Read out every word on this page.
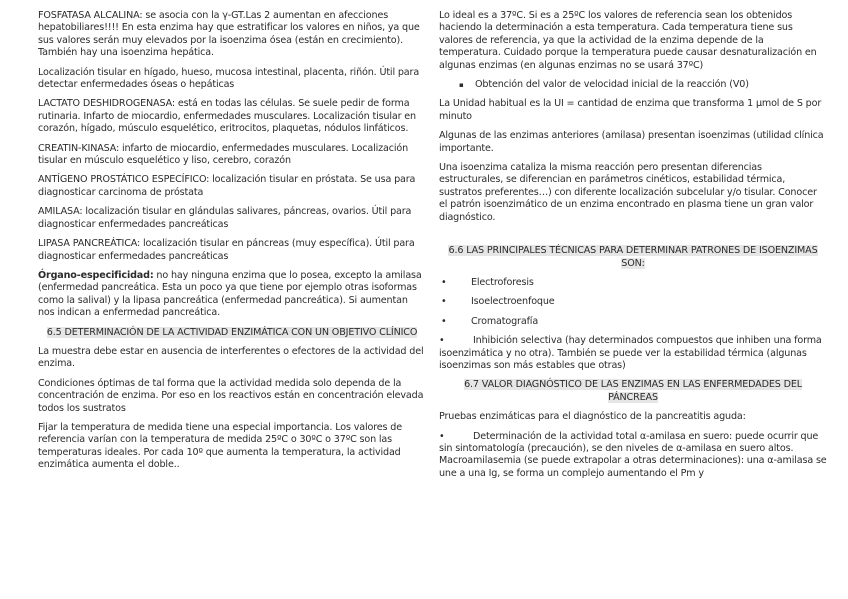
FOSFATASA ALCALINA: se asocia con la γ-GT.Las 2 aumentan en afecciones hepatobiliares!!!! En esta enzima hay que estratificar los valores en niños, ya que sus valores serán muy elevados por la isoenzima ósea (están en crecimiento). También hay una isoenzima hepática.

Localización tisular en hígado, hueso, mucosa intestinal, placenta, riñón. Útil para detectar enfermedades óseas o hepáticas

LACTATO DESHIDROGENASA: está en todas las células. Se suele pedir de forma rutinaria. Infarto de miocardio, enfermedades musculares. Localización tisular en corazón, hígado, músculo esquelético, eritrocitos, plaquetas, nódulos linfáticos.

CREATIN-KINASA: infarto de miocardio, enfermedades musculares. Localización tisular en músculo esquelético y liso, cerebro, corazón

ANTÍGENO PROSTÁTICO ESPECÍFICO: localización tisular en próstata. Se usa para diagnosticar carcinoma de próstata

AMILASA: localización tisular en glándulas salivares, páncreas, ovarios. Útil para diagnosticar enfermedades pancreáticas

LIPASA PANCREÁTICA: localización tisular en páncreas (muy específica). Útil para diagnosticar enfermedades pancreáticas

Órgano-especificidad: no hay ninguna enzima que lo posea, excepto la amilasa (enfermedad pancreática. Esta un poco ya que tiene por ejemplo otras isoformas como la salival) y la lipasa pancreática (enfermedad pancreática). Si aumentan nos indican a enfermedad pancreática.

6.5 DETERMINACIÓN DE LA ACTIVIDAD ENZIMÁTICA CON UN OBJETIVO CLÍNICO

La muestra debe estar en ausencia de interferentes o efectores de la actividad del enzima.

Condiciones óptimas de tal forma que la actividad medida solo dependa de la concentración de enzima. Por eso en los reactivos están en concentración elevada todos los sustratos

Fijar la temperatura de medida tiene una especial importancia. Los valores de referencia varían con la temperatura de medida 25ºC o 30ºC o 37ºC son las temperaturas ideales. Por cada 10º que aumenta la temperatura, la actividad enzimática aumenta el doble..

Lo ideal es a 37ºC. Si es a 25ºC los valores de referencia sean los obtenidos haciendo la determinación a esta temperatura. Cada temperatura tiene sus valores de referencia, ya que la actividad de la enzima depende de la temperatura. Cuidado porque la temperatura puede causar desnaturalización en algunas enzimas (en algunas enzimas no se usará 37ºC)

▪ Obtención del valor de velocidad inicial de la reacción (V0)

La Unidad habitual es la UI = cantidad de enzima que transforma 1 µmol de S por minuto

Algunas de las enzimas anteriores (amilasa) presentan isoenzimas (utilidad clínica importante.

Una isoenzima cataliza la misma reacción pero presentan diferencias estructurales, se diferencian en parámetros cinéticos, estabilidad térmica, sustratos preferentes…) con diferente localización subcelular y/o tisular. Conocer el patrón isoenzimático de un enzima encontrado en plasma tiene un gran valor diagnóstico.

6.6 LAS PRINCIPALES TÉCNICAS PARA DETERMINAR PATRONES DE ISOENZIMAS SON:
•	Electroforesis
•	Isoelectroenfoque
•	Cromatografía

•	Inhibición selectiva (hay determinados compuestos que inhiben una forma isoenzimática y no otra). También se puede ver la estabilidad térmica (algunas isoenzimas son más estables que otras)

6.7 VALOR DIAGNÓSTICO DE LAS ENZIMAS EN LAS ENFERMEDADES DEL PÁNCREAS

Pruebas enzimáticas para el diagnóstico de la pancreatitis aguda:

•	Determinación de la actividad total α-amilasa en suero: puede ocurrir que sin sintomatología (precaución), se den niveles de α-amilasa en suero altos. Macroamilasemia (se puede extrapolar a otras determinaciones): una α-amilasa se une a una Ig, se forma un complejo aumentando el Pm y
